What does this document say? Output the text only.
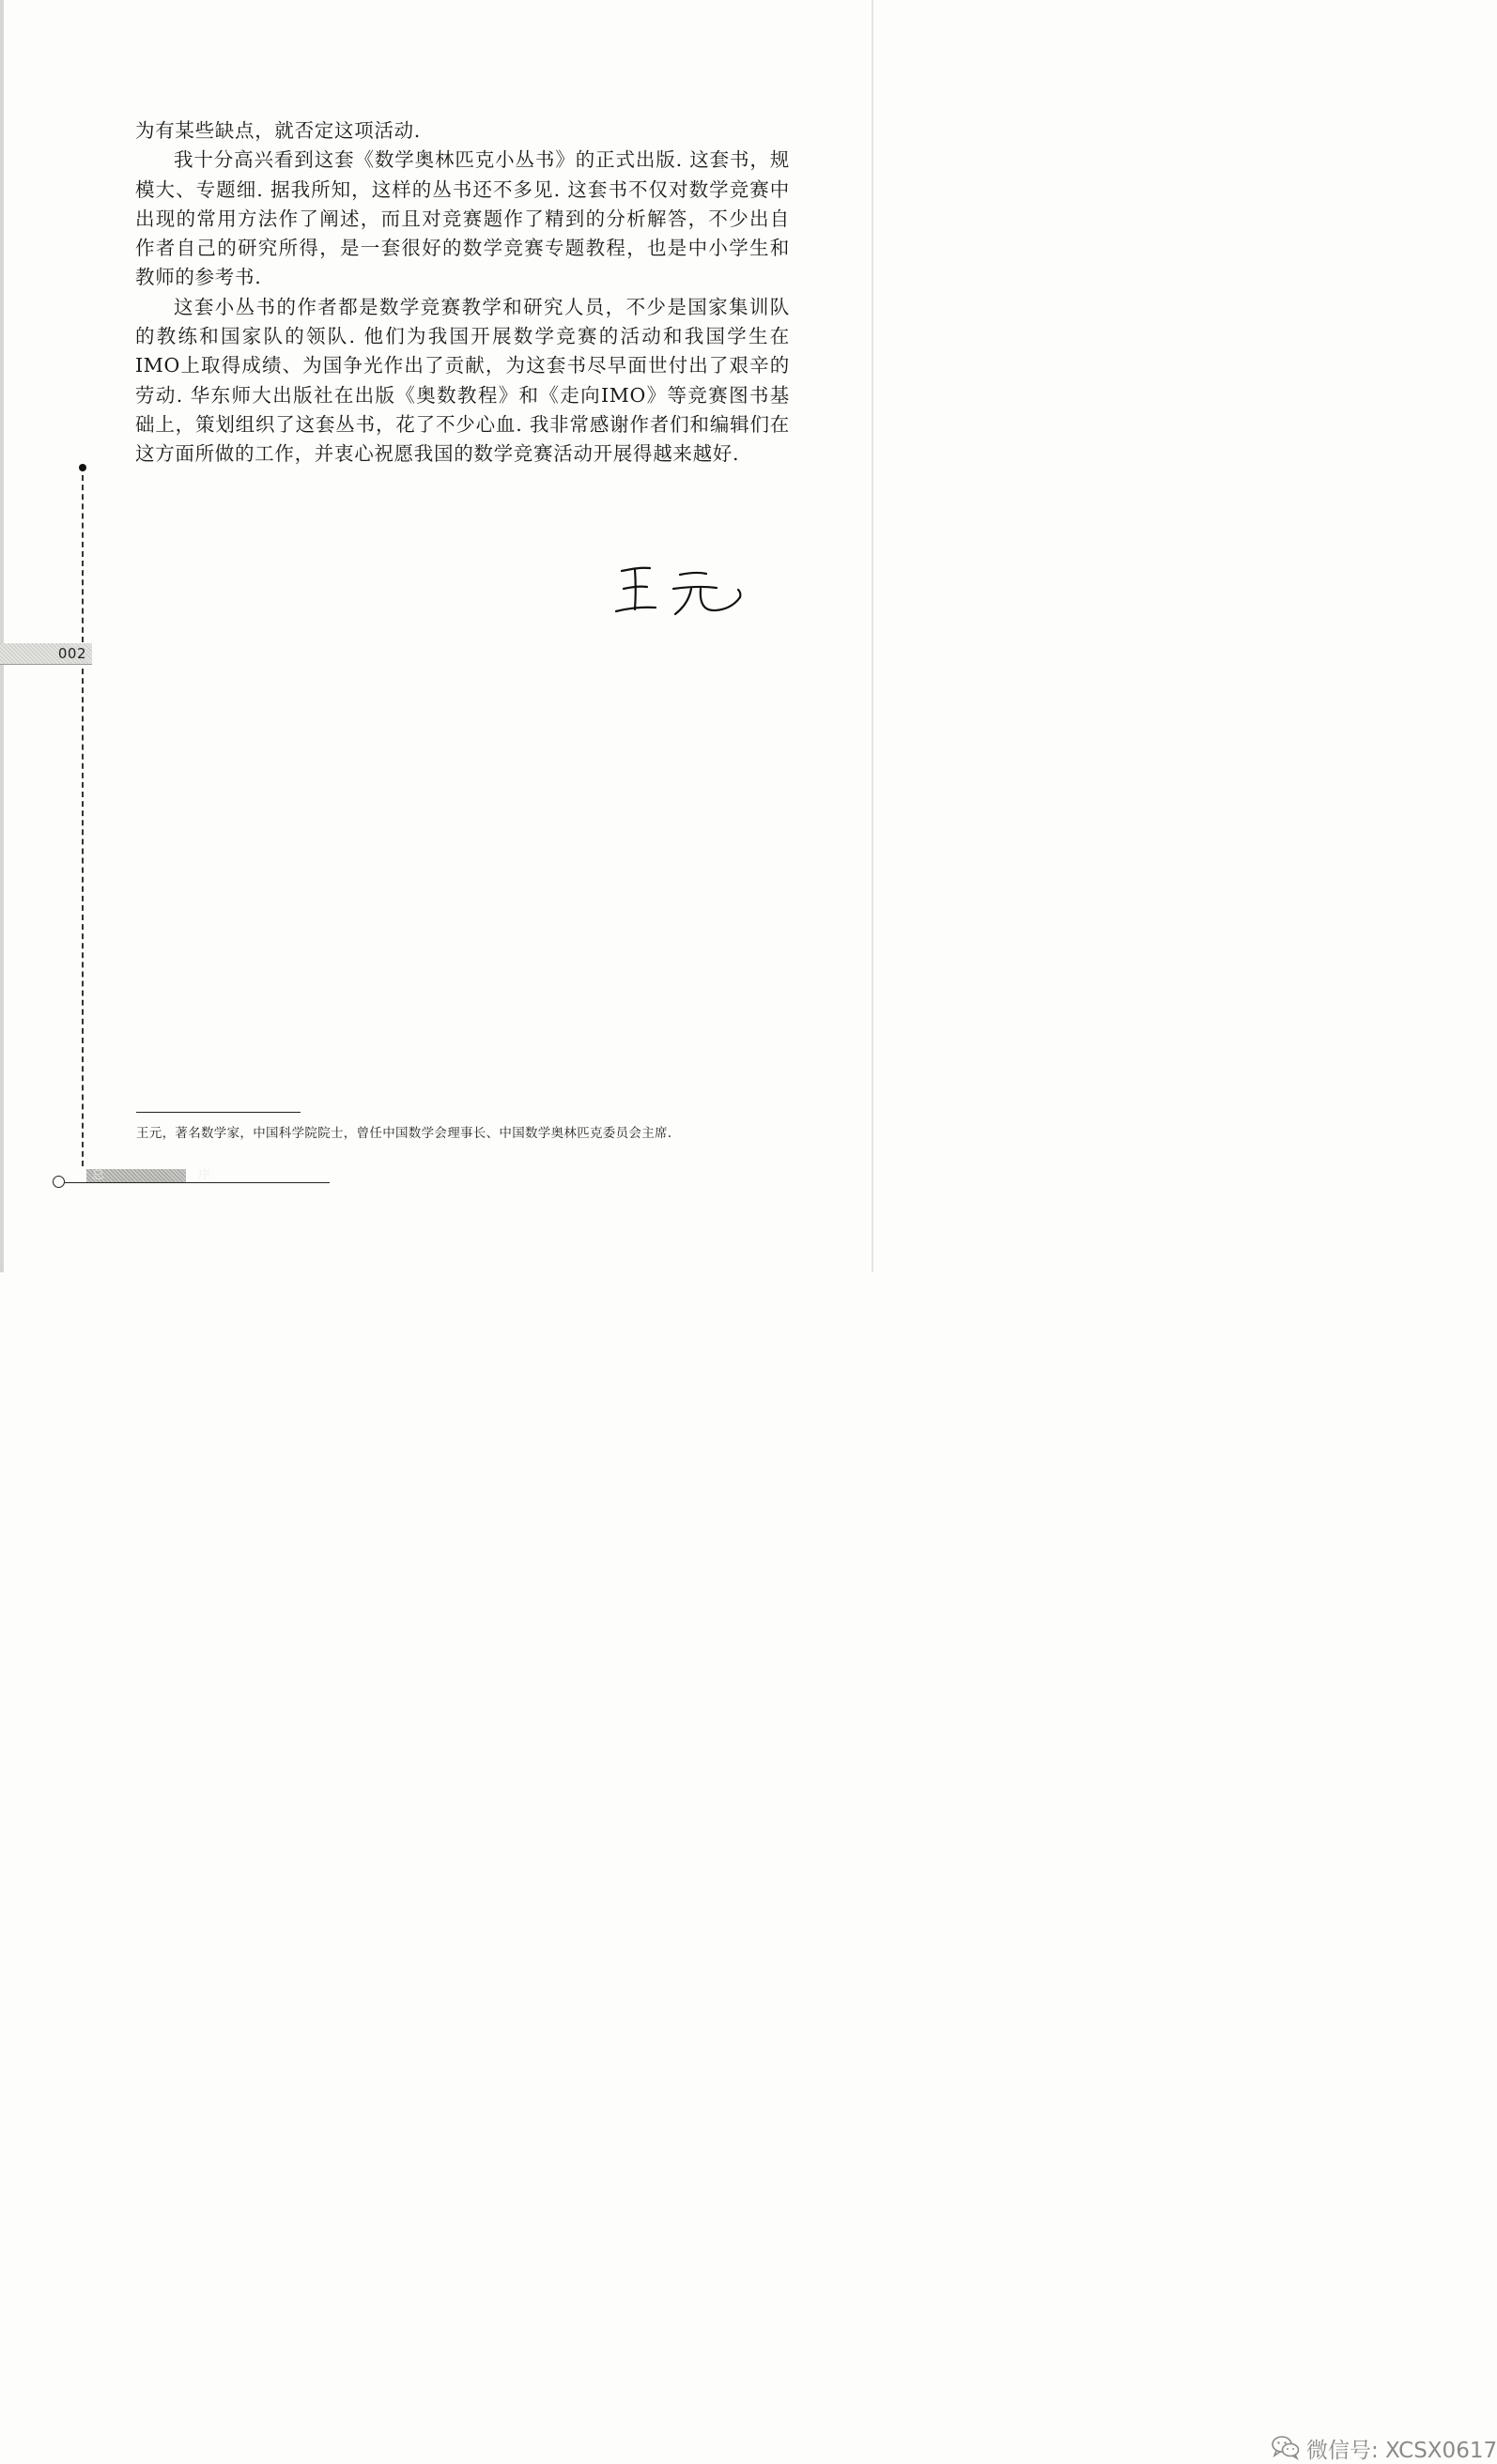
为有某些缺点，就否定这项活动.

我十分高兴看到这套《数学奥林匹克小丛书》的正式出版. 这套书，规模大、专题细. 据我所知，这样的丛书还不多见. 这套书不仅对数学竞赛中出现的常用方法作了阐述，而且对竞赛题作了精到的分析解答，不少出自作者自己的研究所得，是一套很好的数学竞赛专题教程，也是中小学生和教师的参考书.

这套小丛书的作者都是数学竞赛教学和研究人员，不少是国家集训队的教练和国家队的领队. 他们为我国开展数学竞赛的活动和我国学生在IMO上取得成绩、为国争光作出了贡献，为这套书尽早面世付出了艰辛的劳动. 华东师大出版社在出版《奥数教程》和《走向IMO》等竞赛图书基础上，策划组织了这套丛书，花了不少心血. 我非常感谢作者们和编辑们在这方面所做的工作，并衷心祝愿我国的数学竞赛活动开展得越来越好.

002
王元，著名数学家，中国科学院院士，曾任中国数学会理事长、中国数学奥林匹克委员会主席.
总 序
微信号: XCSX0617
